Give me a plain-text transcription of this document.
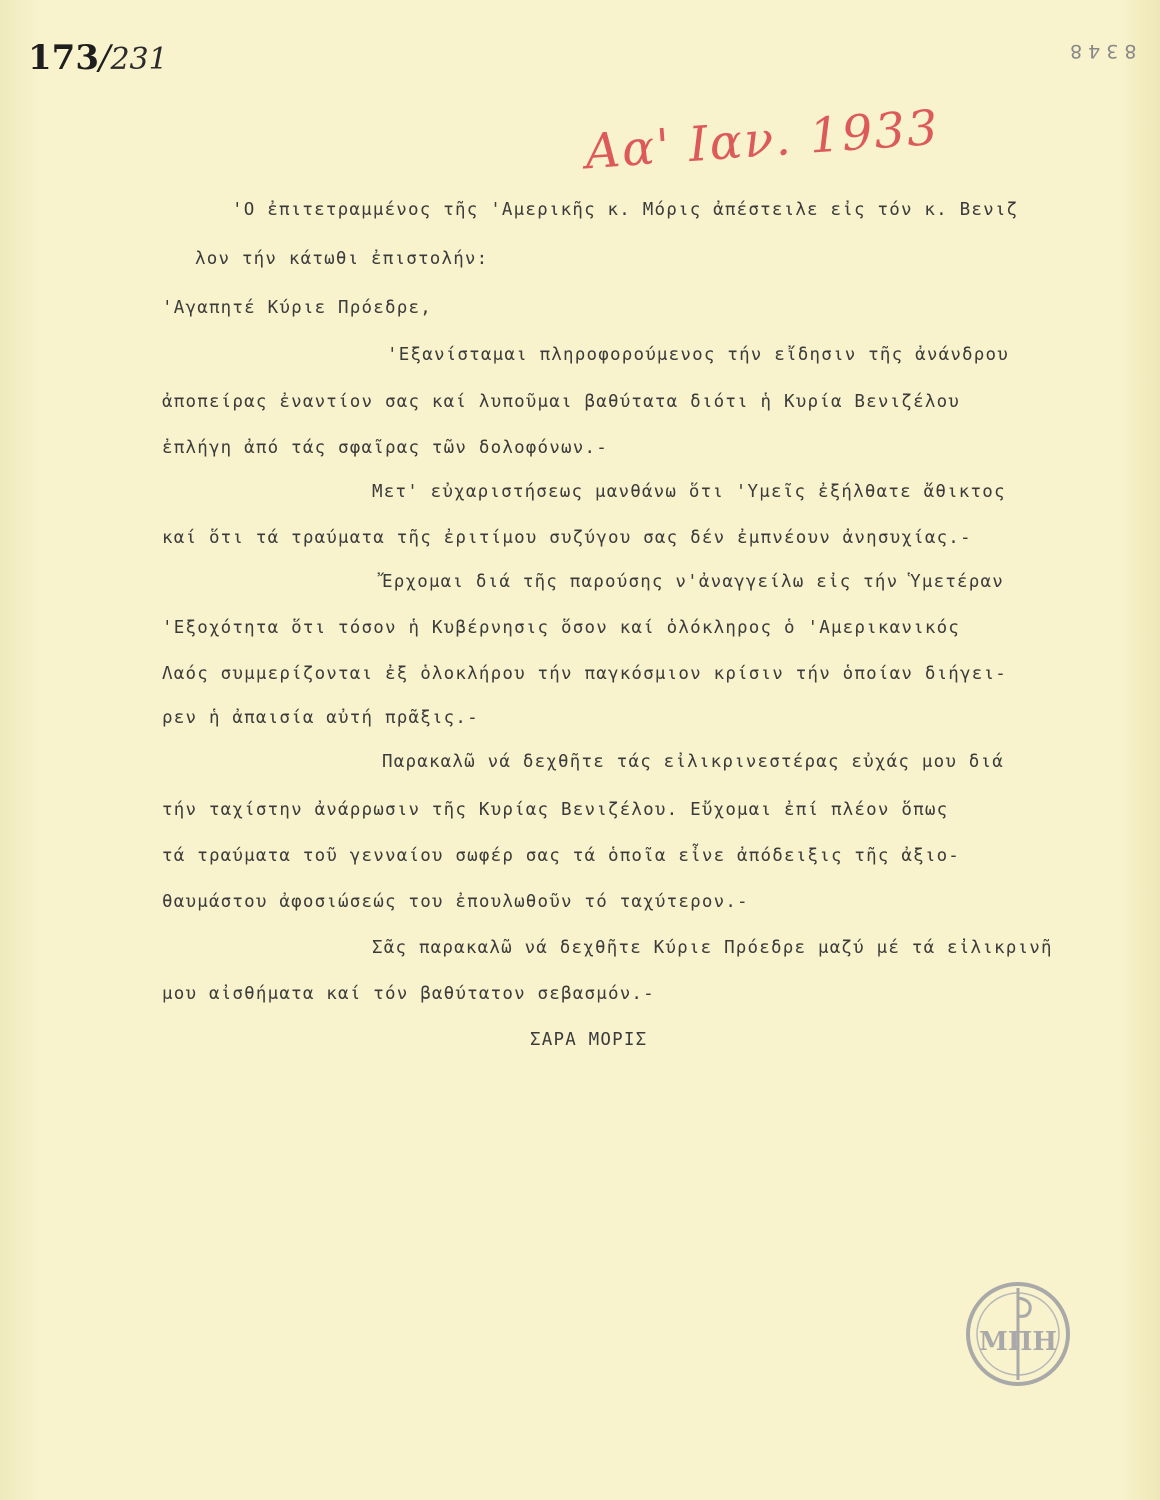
173/231	8 3 4 8
Αα' Ιαν. 1933
'Ο ἐπιτετραμμένος τῆς 'Αμερικῆς κ. Μόρις ἀπέστειλε εἰς τόν κ. Βενιζ
λον τήν κάτωθι ἐπιστολήν:
'Αγαπητέ Κύριε Πρόεδρε,
'Εξανίσταμαι πληροφορούμενος τήν εἴδησιν τῆς ἀνάνδρου
ἀποπείρας ἐναντίον σας καί λυποῦμαι βαθύτατα διότι ἡ Κυρία Βενιζέλου
ἐπλήγη ἀπό τάς σφαῖρας τῶν δολοφόνων.-
Μετ' εὐχαριστήσεως μανθάνω ὅτι 'Υμεῖς ἐξήλθατε ἄθικτος
καί ὅτι τά τραύματα τῆς ἐριτίμου συζύγου σας δέν ἐμπνέουν ἀνησυχίας.-
Ἔρχομαι διά τῆς παρούσης ν'ἀναγγείλω εἰς τήν Ὑμετέραν
'Εξοχότητα ὅτι τόσον ἡ Κυβέρνησις ὅσον καί ὁλόκληρος ὁ 'Αμερικανικός
Λαός συμμερίζονται ἐξ ὁλοκλήρου τήν παγκόσμιον κρίσιν τήν ὁποίαν διήγει-
ρεν ἡ ἀπαισία αὐτή πρᾶξις.-
Παρακαλῶ νά δεχθῆτε τάς εἰλικρινεστέρας εὐχάς μου διά
τήν ταχίστην ἀνάρρωσιν τῆς Κυρίας Βενιζέλου. Εὔχομαι ἐπί πλέον ὅπως
τά τραύματα τοῦ γενναίου σωφέρ σας τά ὁποῖα εἶνε ἀπόδειξις τῆς ἀξιο-
θαυμάστου ἀφοσιώσεώς του ἐπουλωθοῦν τό ταχύτερον.-
Σᾶς παρακαλῶ νά δεχθῆτε Κύριε Πρόεδρε μαζύ μέ τά εἰλικρινῆ
μου αἰσθήματα καί τόν βαθύτατον σεβασμόν.-
ΣΑΡΑ ΜΟΡΙΣ
ΜΠΗ
